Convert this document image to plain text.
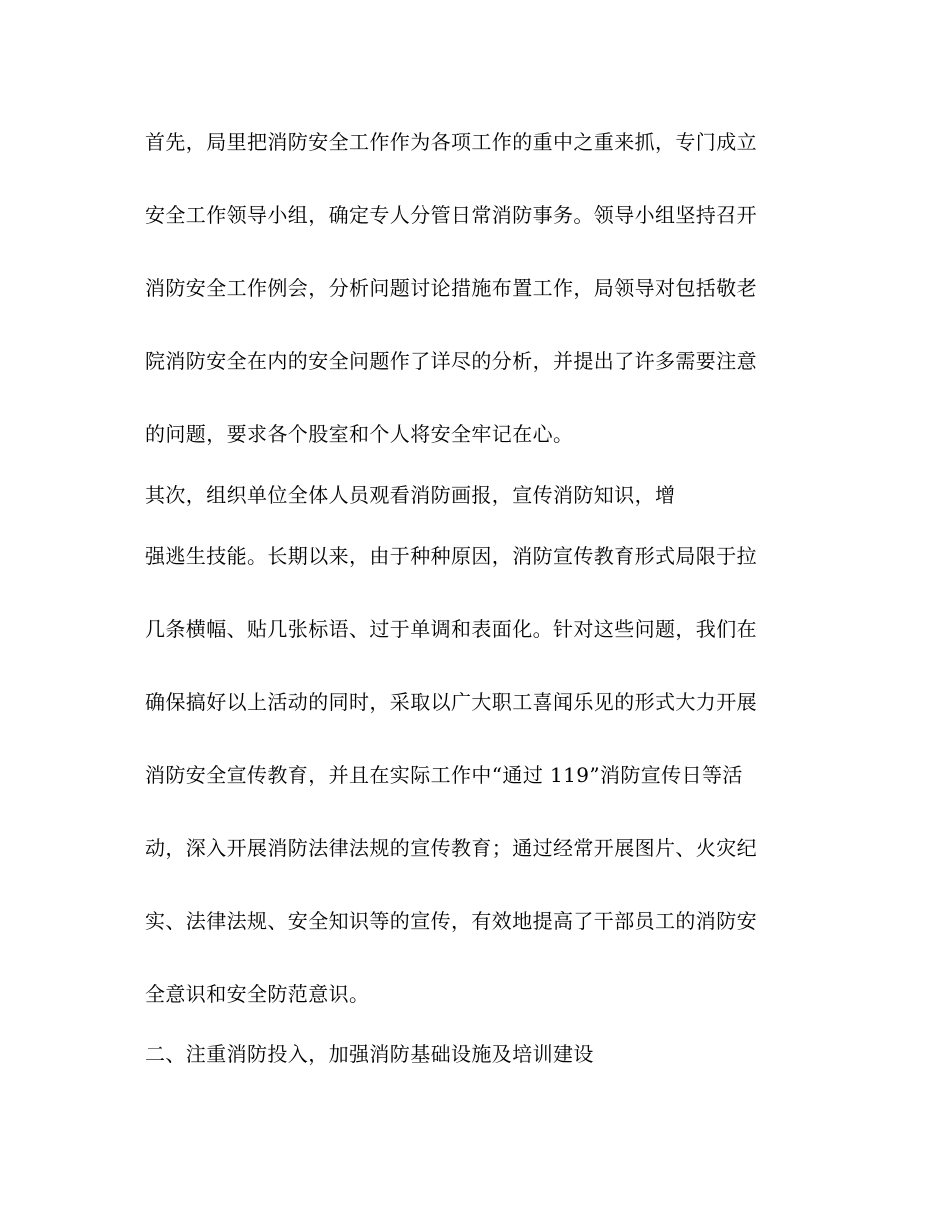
首先，局里把消防安全工作作为各项工作的重中之重来抓，专门成立
安全工作领导小组，确定专人分管日常消防事务。领导小组坚持召开
消防安全工作例会，分析问题讨论措施布置工作，局领导对包括敬老
院消防安全在内的安全问题作了详尽的分析，并提出了许多需要注意
的问题，要求各个股室和个人将安全牢记在心。
其次，组织单位全体人员观看消防画报，宣传消防知识，增
强逃生技能。长期以来，由于种种原因，消防宣传教育形式局限于拉
几条横幅、贴几张标语、过于单调和表面化。针对这些问题，我们在
确保搞好以上活动的同时，采取以广大职工喜闻乐见的形式大力开展
消防安全宣传教育，并且在实际工作中“通过 119”消防宣传日等活
动，深入开展消防法律法规的宣传教育；通过经常开展图片、火灾纪
实、法律法规、安全知识等的宣传，有效地提高了干部员工的消防安
全意识和安全防范意识。
二、注重消防投入，加强消防基础设施及培训建设
